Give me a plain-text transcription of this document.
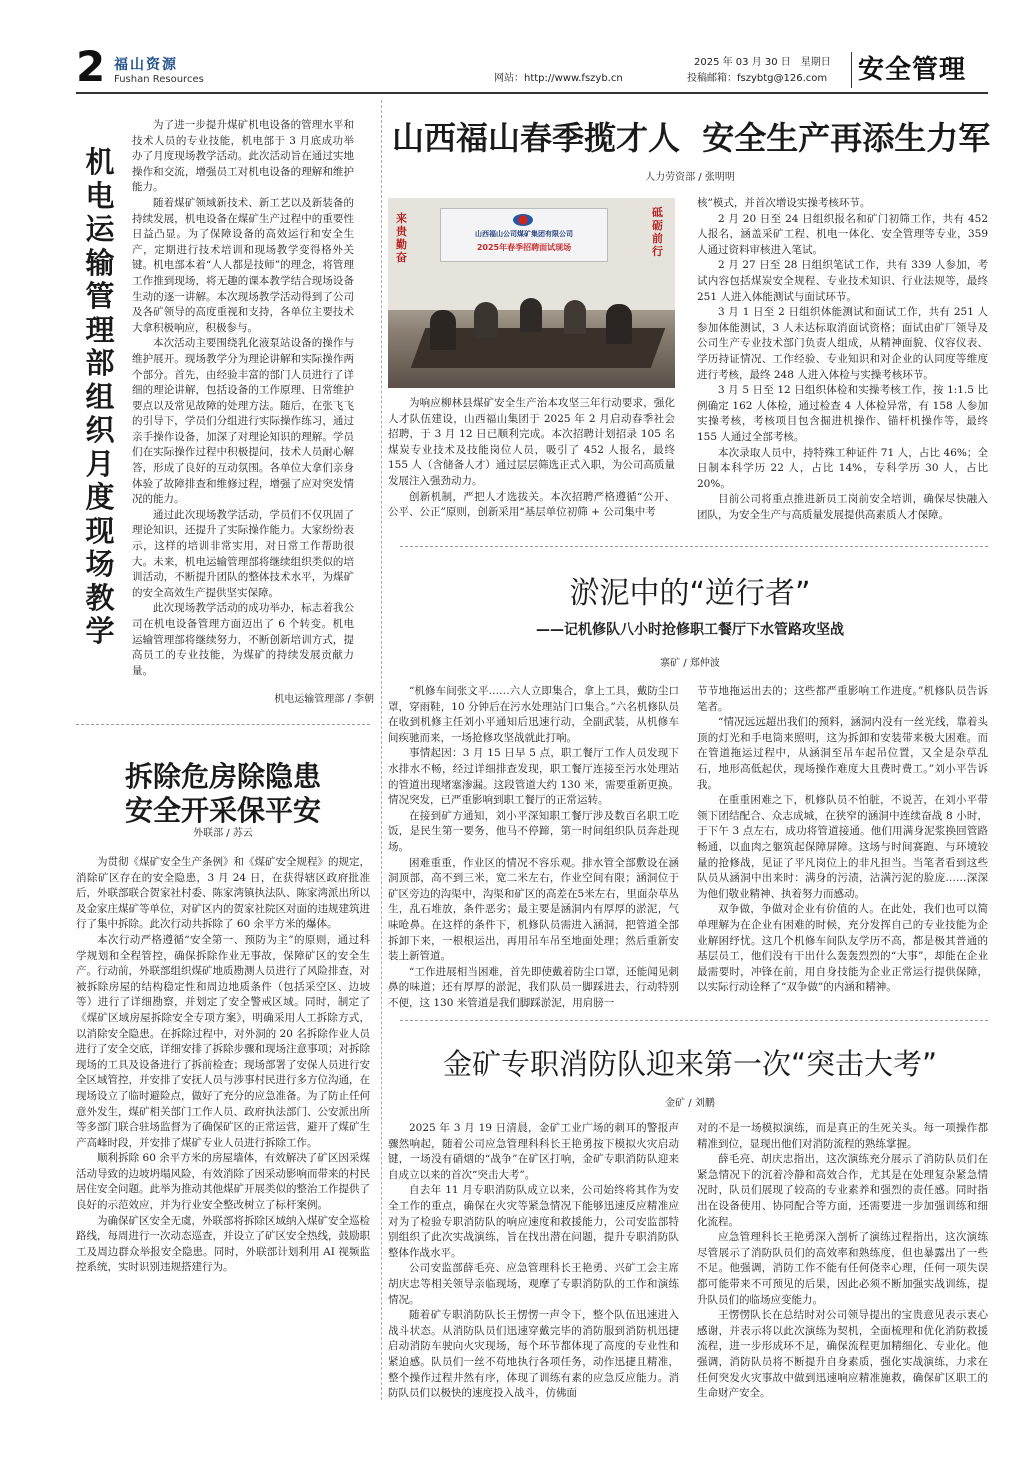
2 福山资源
Fushan Resources	网站：http://www.fszyb.cn
2025 年 03 月 30 日　星期日
投稿邮箱：fszybtg@126.com 安全管理
机电运输管理部组织月度现场教学

为了进一步提升煤矿机电设备的管理水平和技术人员的专业技能，机电部于 3 月底成功举办了月度现场教学活动。此次活动旨在通过实地操作和交流，增强员工对机电设备的理解和维护能力。

随着煤矿领域新技术、新工艺以及新装备的持续发展，机电设备在煤矿生产过程中的重要性日益凸显。为了保障设备的高效运行和安全生产，定期进行技术培训和现场教学变得格外关键。机电部本着“人人都是技师”的理念，将管理工作推到现场，将无趣的课本教学结合现场设备生动的逐一讲解。本次现场教学活动得到了公司及各矿领导的高度重视和支持，各单位主要技术大拿积极响应，积极参与。

本次活动主要围绕乳化液泵站设备的操作与维护展开。现场教学分为理论讲解和实际操作两个部分。首先，由经验丰富的部门人员进行了详细的理论讲解，包括设备的工作原理、日常维护要点以及常见故障的处理方法。随后，在张飞飞的引导下，学员们分组进行实际操作练习，通过亲手操作设备，加深了对理论知识的理解。学员们在实际操作过程中积极提问，技术人员耐心解答，形成了良好的互动氛围。各单位大拿们亲身体验了故障排查和维修过程，增强了应对突发情况的能力。

通过此次现场教学活动，学员们不仅巩固了理论知识，还提升了实际操作能力。大家纷纷表示，这样的培训非常实用，对日常工作帮助很大。未来，机电运输管理部将继续组织类似的培训活动，不断提升团队的整体技术水平，为煤矿的安全高效生产提供坚实保障。

此次现场教学活动的成功举办，标志着我公司在机电设备管理方面迈出了 6 个转变。机电运输管理部将继续努力，不断创新培训方式，提高员工的专业技能，为煤矿的持续发展贡献力量。

机电运输管理部 / 李朝
拆除危房除隐患
安全开采保平安
外联部 / 苏云

为贯彻《煤矿安全生产条例》和《煤矿安全规程》的规定，消除矿区存在的安全隐患，3 月 24 日，在获得辖区政府批准后，外联部联合贺家社村委、陈家湾镇执法队、陈家湾派出所以及金家庄煤矿等单位，对矿区内的贺家社院区对面的违规建筑进行了集中拆除。此次行动共拆除了 60 余平方米的爆体。

本次行动严格遵循“安全第一、预防为主”的原则，通过科学规划和全程管控，确保拆除作业无事故，保障矿区的安全生产。行动前，外联部组织煤矿地质勘测人员进行了风险排查，对被拆除房屋的结构稳定性和周边地质条件（包括采空区、边坡等）进行了详细勘察，并划定了安全警戒区域。同时，制定了《煤矿区域房屋拆除安全专项方案》，明确采用人工拆除方式，以消除安全隐患。在拆除过程中，对外洞的 20 名拆除作业人员进行了安全交底，详细安排了拆除步骤和现场注意事项；对拆除现场的工具及设备进行了拆前检查；现场部署了安保人员进行安全区域管控，并安排了安抚人员与涉事村民进行多方位沟通，在现场设立了临时避险点，做好了充分的应急准备。为了防止任何意外发生，煤矿相关部门工作人员、政府执法部门、公安派出所等多部门联合驻场监督为了确保矿区的正常运营，避开了煤矿生产高峰时段，并安排了煤矿专业人员进行拆除工作。

顺利拆除 60 余平方米的房屋墙体，有效解决了矿区因采煤活动导致的边坡坍塌风险，有效消除了因采动影响而带来的村民居住安全问题。此举为推动其他煤矿开展类似的整治工作提供了良好的示范效应，并为行业安全整改树立了标杆案例。

为确保矿区安全无虞，外联部将拆除区域纳入煤矿安全巡检路线，每周进行一次动态巡查，并设立了矿区安全热线，鼓励职工及周边群众举报安全隐患。同时，外联部计划利用 AI 视频监控系统，实时识别违规搭建行为。

山西福山春季揽才人  安全生产再添生力军
人力劳资部 / 张明明
来贵勤奋
砥砺前行
山西福山公司煤矿集团有限公司
2025年春季招聘面试现场

为响应柳林县煤矿安全生产治本攻坚三年行动要求，强化人才队伍建设，山西福山集团于 2025 年 2 月启动春季社会招聘，于 3 月 12 日已顺利完成。本次招聘计划招录 105 名煤炭专业技术及技能岗位人员，吸引了 452 人报名，最终 155 人（含储备人才）通过层层筛选正式入职，为公司高质量发展注入强劲动力。

创新机制，严把人才选拔关。本次招聘严格遵循“公开、公平、公正”原则，创新采用“基层单位初筛 + 公司集中考

核”模式，并首次增设实操考核环节。

2 月 20 日至 24 日组织报名和矿门初筛工作，共有 452 人报名，涵盖采矿工程、机电一体化、安全管理等专业，359 人通过资料审核进入笔试。

2 月 27 日至 28 日组织笔试工作，共有 339 人参加，考试内容包括煤炭安全规程、专业技术知识、行业法规等，最终 251 人进入体能测试与面试环节。

3 月 1 日至 2 日组织体能测试和面试工作，共有 251 人参加体能测试，3 人未达标取消面试资格；面试由矿厂领导及公司生产专业技术部门负责人组成，从精神面貌、仪容仪表、学历持证情况、工作经验、专业知识和对企业的认同度等维度进行考核，最终 248 人进入体检与实操考核环节。

3 月 5 日至 12 日组织体检和实操考核工作，按 1:1.5 比例确定 162 人体检，通过检查 4 人体检异常，有 158 人参加实操考核，考核项目包含掘进机操作、锚杆机操作等，最终 155 人通过全部考核。

本次录取人员中，持特殊工种证件 71 人，占比 46%；全日制本科学历 22 人，占比 14%，专科学历 30 人，占比 20%。

目前公司将重点推进新员工岗前安全培训，确保尽快融入团队，为安全生产与高质量发展提供高素质人才保障。

淤泥中的“逆行者”
——记机修队八小时抢修职工餐厅下水管路攻坚战
寨矿 / 郑仲波

“机修车间张文平……六人立即集合，拿上工具，戴防尘口罩，穿雨鞋，10 分钟后在污水处理站门口集合。”六名机修队员在收到机修主任刘小平通知后迅速行动，全副武装，从机修车间疾驰而来，一场抢修攻坚战就此打响。

事情起因：3 月 15 日早 5 点，职工餐厅工作人员发现下水排水不畅，经过详细排查发现，职工餐厅连接至污水处理站的管道出现堵塞渗漏。这段管道大约 130 米，需要重新更换。情况突发，已严重影响到职工餐厅的正常运转。

在接到矿方通知，刘小平深知职工餐厅涉及数百名职工吃饭，是民生第一要务，他马不停蹄，第一时间组织队员奔赴现场。

困难重重，作业区的情况不容乐观。排水管全部敷设在涵洞顶部，高不到三米，宽二米左右，作业空间有限；涵洞位于矿区旁边的沟渠中，沟渠和矿区的高差在5米左右，里面杂草丛生，乱石堆放，条件恶劣；最主要是涵洞内有厚厚的淤泥，气味呛鼻。在这样的条件下，机修队员需进入涵洞，把管道全部拆卸下来，一根根运出，再用吊车吊至地面处理；然后重新安装上新管道。

“工作进展相当困难，首先即使戴着防尘口罩，还能闻见刺鼻的味道；还有厚厚的淤泥，我们队员一脚踩进去，行动特别不便，这 130 米管道是我们脚踩淤泥，用肩膀一

节节地拖运出去的；这些都严重影响工作进度。”机修队员告诉笔者。

“情况远远超出我们的预料，涵洞内没有一丝光线，靠着头顶的灯光和手电筒来照明，这为拆卸和安装带来极大困难。而在管道拖运过程中，从涵洞至吊车起吊位置，又全是杂草乱石，地形高低起伏，现场操作难度大且费时费工。”刘小平告诉我。

在重重困难之下，机修队员不怕脏，不说苦，在刘小平带领下团结配合、众志成城，在狭窄的涵洞中连续奋战 8 小时，于下午 3 点左右，成功将管道接通。他们用满身泥浆换回管路畅通，以血肉之躯筑起保障屏障。这场与时间赛跑、与环境较量的抢修战，见证了平凡岗位上的非凡担当。当笔者看到这些队员从涵洞中出来时：满身的污渍，沾满污泥的脸庞……深深为他们敬业精神、执着努力而感动。

双争做，争做对企业有价值的人。在此处，我们也可以简单理解为在企业有困难的时候，充分发挥自己的专业技能为企业解困纾忧。这几个机修车间队友学历不高，都是极其普通的基层员工，他们没有干出什么轰轰烈烈的“大事”，却能在企业最需要时，冲锋在前，用自身技能为企业正常运行提供保障，以实际行动诠释了“双争做”的内涵和精神。

金矿专职消防队迎来第一次“突击大考”
金矿 / 刘鹏

2025 年 3 月 19 日清晨，金矿工业广场的刺耳的警报声骤然响起，随着公司应急管理科科长王艳勇按下模拟火灾启动键，一场没有硝烟的“战争”在矿区打响，金矿专职消防队迎来自成立以来的首次“突击大考”。

自去年 11 月专职消防队成立以来，公司始终将其作为安全工作的重点，确保在火灾等紧急情况下能够迅速反应精准应对为了检验专职消防队的响应速度和救援能力，公司安监部特别组织了此次实战演练，旨在找出潜在问题，提升专职消防队整体作战水平。

公司安监部薛毛亮、应急管理科长王艳勇、兴矿工会主席胡庆忠等相关领导亲临现场，观摩了专职消防队的工作和演练情况。

随着矿专职消防队长王愣愣一声令下，整个队伍迅速进入战斗状态。从消防队员们迅速穿戴完毕的消防服到消防机迅捷启动消防车驶向火灾现场，每个环节都体现了高度的专业性和紧迫感。队员们一丝不苟地执行各项任务，动作迅捷且精准，整个操作过程井然有序，体现了训练有素的应急反应能力。消防队员们以极快的速度投入战斗，仿佛面

对的不是一场模拟演练，而是真正的生死关头。每一项操作都精准到位，显现出他们对消防流程的熟练掌握。

薛毛亮、胡庆忠指出，这次演练充分展示了消防队员们在紧急情况下的沉着冷静和高效合作，尤其是在处理复杂紧急情况时，队员们展现了较高的专业素养和强烈的责任感。同时指出在设备使用、协同配合等方面，还需要进一步加强训练和细化流程。

应急管理科长王艳勇深入剖析了演练过程指出，这次演练尽管展示了消防队员们的高效率和熟练度，但也暴露出了一些不足。他强调，消防工作不能有任何侥幸心理，任何一项失误都可能带来不可预见的后果，因此必须不断加强实战训练，提升队员们的临场应变能力。

王愣愣队长在总结时对公司领导提出的宝贵意见表示衷心感谢，并表示将以此次演练为契机，全面梳理和优化消防救援流程，进一步形成环不足，确保流程更加精细化、专业化。他强调，消防队员将不断提升自身素质，强化实战演练，力求在任何突发火灾事故中做到迅速响应精准施救，确保矿区职工的生命财产安全。
